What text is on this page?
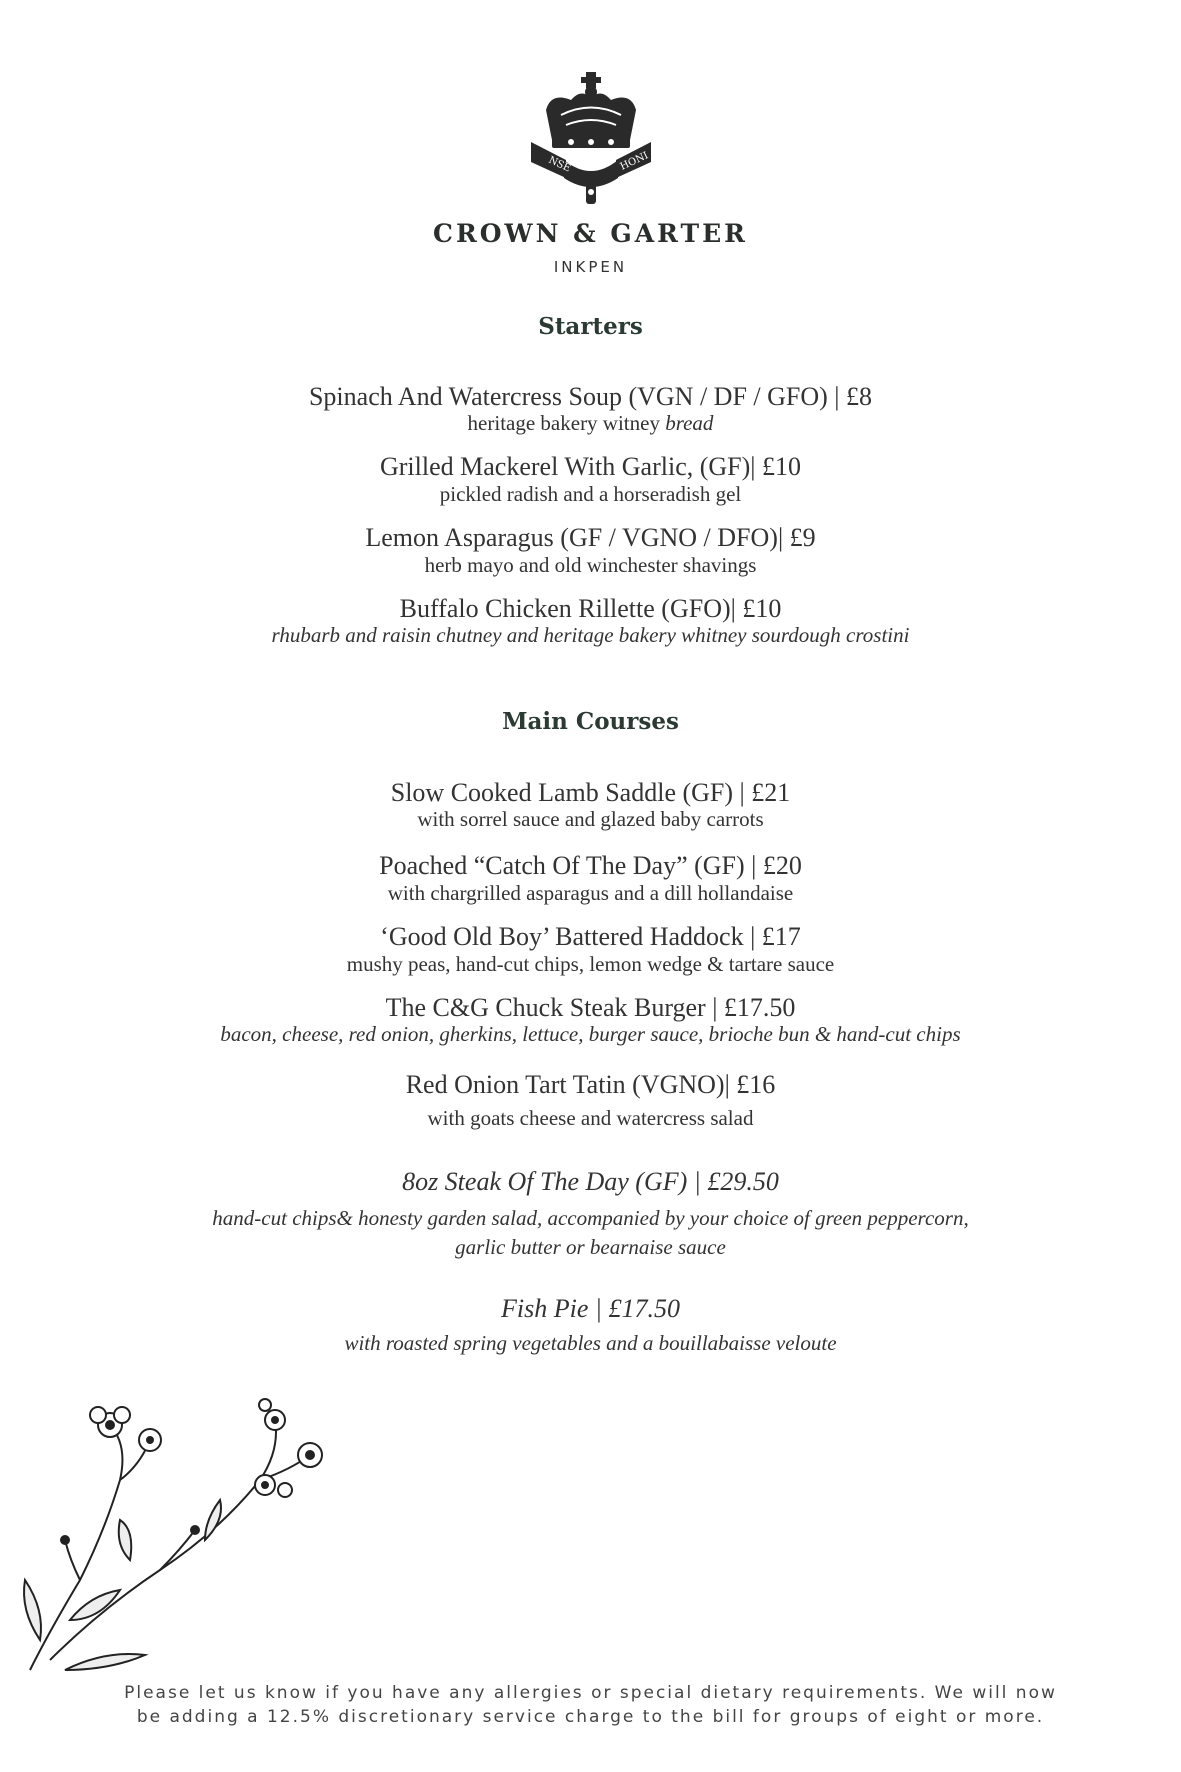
NSE	HONI
CROWN & GARTER
INKPEN
Starters
Spinach And Watercress Soup (VGN / DF / GFO) | £8
heritage bakery witney bread
Grilled Mackerel With Garlic, (GF)| £10
pickled radish and a horseradish gel
Lemon Asparagus (GF / VGNO / DFO)| £9
herb mayo and old winchester shavings
Buffalo Chicken Rillette (GFO)| £10
rhubarb and raisin chutney and heritage bakery whitney sourdough crostini
Main Courses
Slow Cooked Lamb Saddle (GF) | £21
with sorrel sauce and glazed baby carrots
Poached “Catch Of The Day” (GF) | £20
with chargrilled asparagus and a dill hollandaise
‘Good Old Boy’ Battered Haddock | £17
mushy peas, hand-cut chips, lemon wedge & tartare sauce
The C&G Chuck Steak Burger | £17.50
bacon, cheese, red onion, gherkins, lettuce, burger sauce, brioche bun & hand-cut chips
Red Onion Tart Tatin (VGNO)| £16
with goats cheese and watercress salad
8oz Steak Of The Day (GF) | £29.50
hand-cut chips& honesty garden salad, accompanied by your choice of green peppercorn,
garlic butter or bearnaise sauce
Fish Pie | £17.50
with roasted spring vegetables and a bouillabaisse veloute
Please let us know if you have any allergies or special dietary requirements. We will now
be adding a 12.5% discretionary service charge to the bill for groups of eight or more.
